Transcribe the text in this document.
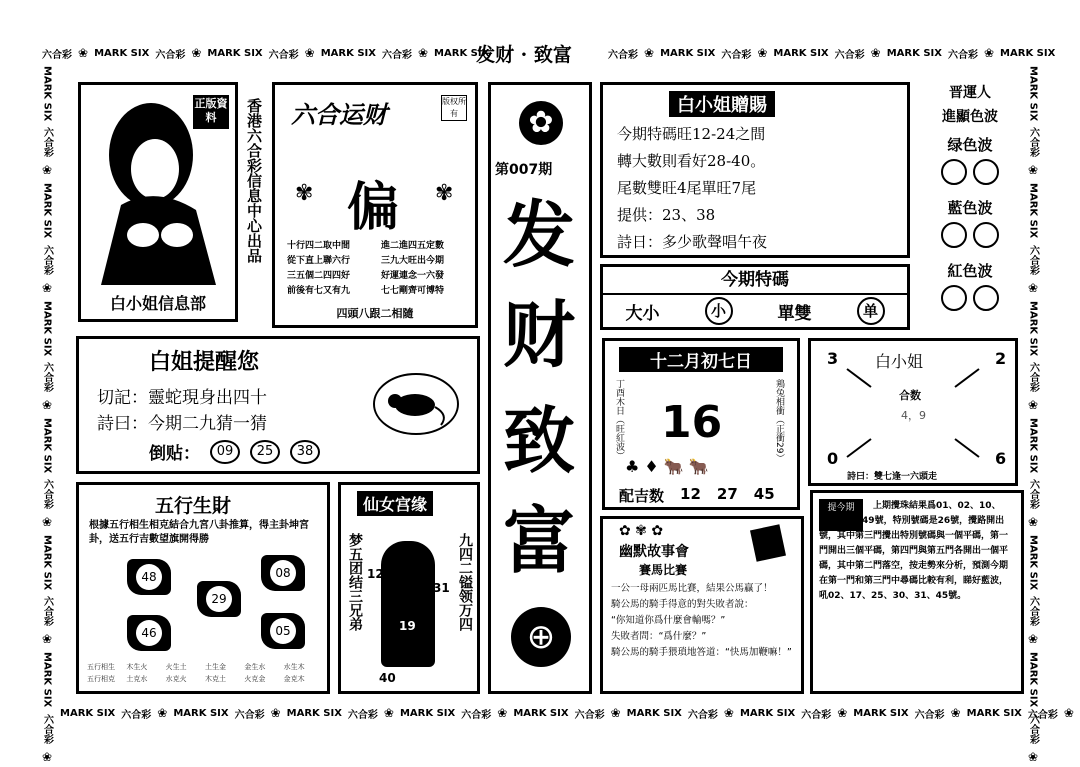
六合彩 ❀ MARK SIX 六合彩 ❀ MARK SIX 六合彩 ❀ MARK SIX 六合彩 ❀ MARK SIX
发财 · 致富	六合彩 ❀ MARK SIX 六合彩 ❀ MARK SIX 六合彩 ❀ MARK SIX 六合彩 ❀ MARK SIX
MARK SIX 六合彩 ❀ MARK SIX 六合彩 ❀ MARK SIX 六合彩 ❀ MARK SIX 六合彩 ❀ MARK SIX 六合彩 ❀ MARK SIX 六合彩 ❀ MARK SIX 六合彩 ❀ MARK SIX 六合彩 ❀ MARK SIX 六合彩 ❀
MARK SIX
六合彩
❀
MARK SIX
六合彩
❀
MARK SIX
六合彩
❀
MARK SIX
六合彩
❀
MARK SIX
六合彩
❀
MARK SIX
六合彩
❀
MARK SIX
六合彩
❀
MARK SIX
六合彩
❀
MARK SIX
六合彩
❀
MARK SIX
六合彩
❀
MARK SIX
六合彩
❀
MARK SIX
六合彩
❀
正版資料
白小姐信息部
香港六合彩信息中心出品 六合运财	版权所有
偏
✾	✾
十行四二取中間
從下直上聯六行
三五個二四四好
前後有七又有九
進二進四五定數
三九大旺出今期
好運連念一六發
七七剛齊可博特
四頭八跟二相隨
白姐提醒您
切記：靈蛇現身出四十
詩曰：今期二九猜一猜
倒贴：	09	25	38
✿
第007期
发
财
致
富
⊕
白小姐贈賜
今期特碼旺12-24之間
轉大數則看好28-40。
尾數雙旺4尾單旺7尾
提供：23、38
詩日：多少歌聲唱午夜
晋運人
進顯色波
绿色波

藍色波

紅色波

今期特碼
大小	小	單雙	单
十二月初七日
丁酉木日（旺紅波）	鶏兔相衝（正衝29）
16
♣ ♦ 🐂 🐂
配吉数 12 27 45
3	2
0	6
白小姐
合数
4，9
詩曰：雙七逢一六頭走
五行生財
根據五行相生相克結合九宮八卦推算，得主卦坤宮卦，送五行吉數望旗開得勝
48	08
29
46	05
五行相生	木生火	火生土	土生金	金生水	水生木
五行相克	土克水	水克火	木克土	火克金	金克木
仙女宫缘
梦五团结三兄弟	九四二镒领万四
12
31
19
40
✿ ✾ ✿
幽默故事會
賽馬比賽
一公一母兩匹馬比賽，結果公馬贏了！
騎公馬的騎手得意的對失敗者說：
“你知道你爲什麼會輸嗎？”
失敗者問：“爲什麼？”
騎公馬的騎手猥瑣地答道：“快馬加鞭嘛！”
提今期	上期攪珠結果爲01、02、10、23、32、49號，特別號碼是26號，攪路開出號，其中第三門攪出特別號碼與一個平碼，第一門開出三個平碼，第四門與第五門各開出一個平碼，其中第二門落空，按走勢來分析，預測今期在第一門和第三門中尋碼比較有利，睇好藍波，吼02、17、25、30、31、45號。
